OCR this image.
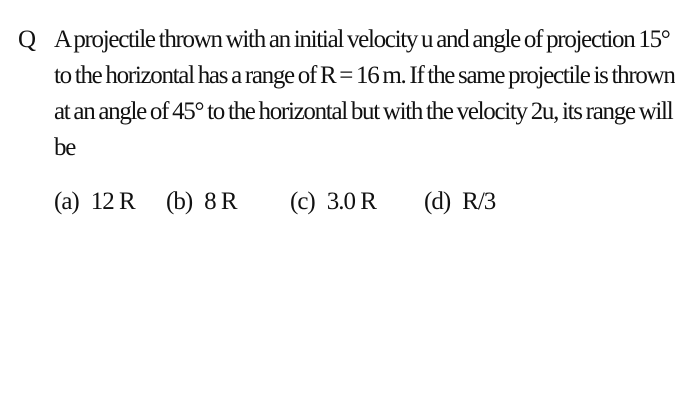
Q A projectile thrown with an initial velocity u and angle of projection 15°
to the horizontal has a range of R = 16 m. If the same projectile is thrown
at an angle of 45° to the horizontal but with the velocity 2u, its range will
be
(a) 12 R (b) 8 R (c) 3.0 R (d) R/3
